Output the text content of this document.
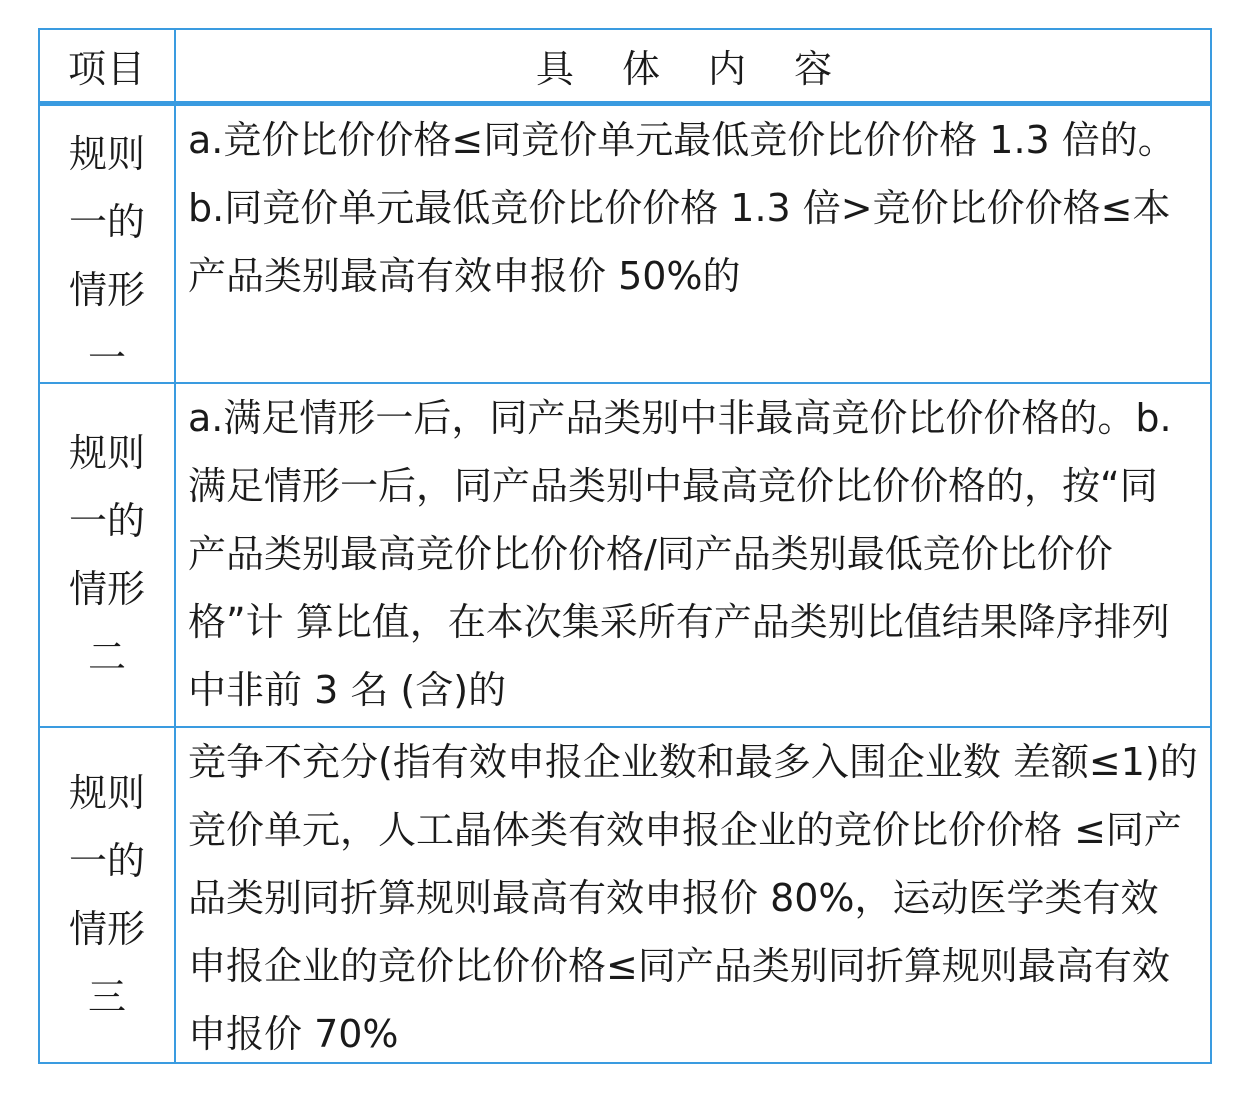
项目	具 体 内 容
规则一的情形一
a.竞价比价价格≤同竞价单元最低竞价比价价格 1.3 倍的。 b.同竞价单元最低竞价比价价格 1.3 倍>竞价比价价格≤本产品类别最高有效申报价 50%的
规则一的情形二
a.满足情形一后，同产品类别中非最高竞价比价价格的。b.满足情形一后，同产品类别中最高竞价比价价格的，按“同 产品类别最高竞价比价价格/同产品类别最低竞价比价价格”计 算比值，在本次集采所有产品类别比值结果降序排列中非前 3 名 (含)的
规则一的情形三
竞争不充分(指有效申报企业数和最多入围企业数 差额≤1)的竞价单元，人工晶体类有效申报企业的竞价比价价格 ≤同产品类别同折算规则最高有效申报价 80%，运动医学类有效 申报企业的竞价比价价格≤同产品类别同折算规则最高有效申报价 70%
